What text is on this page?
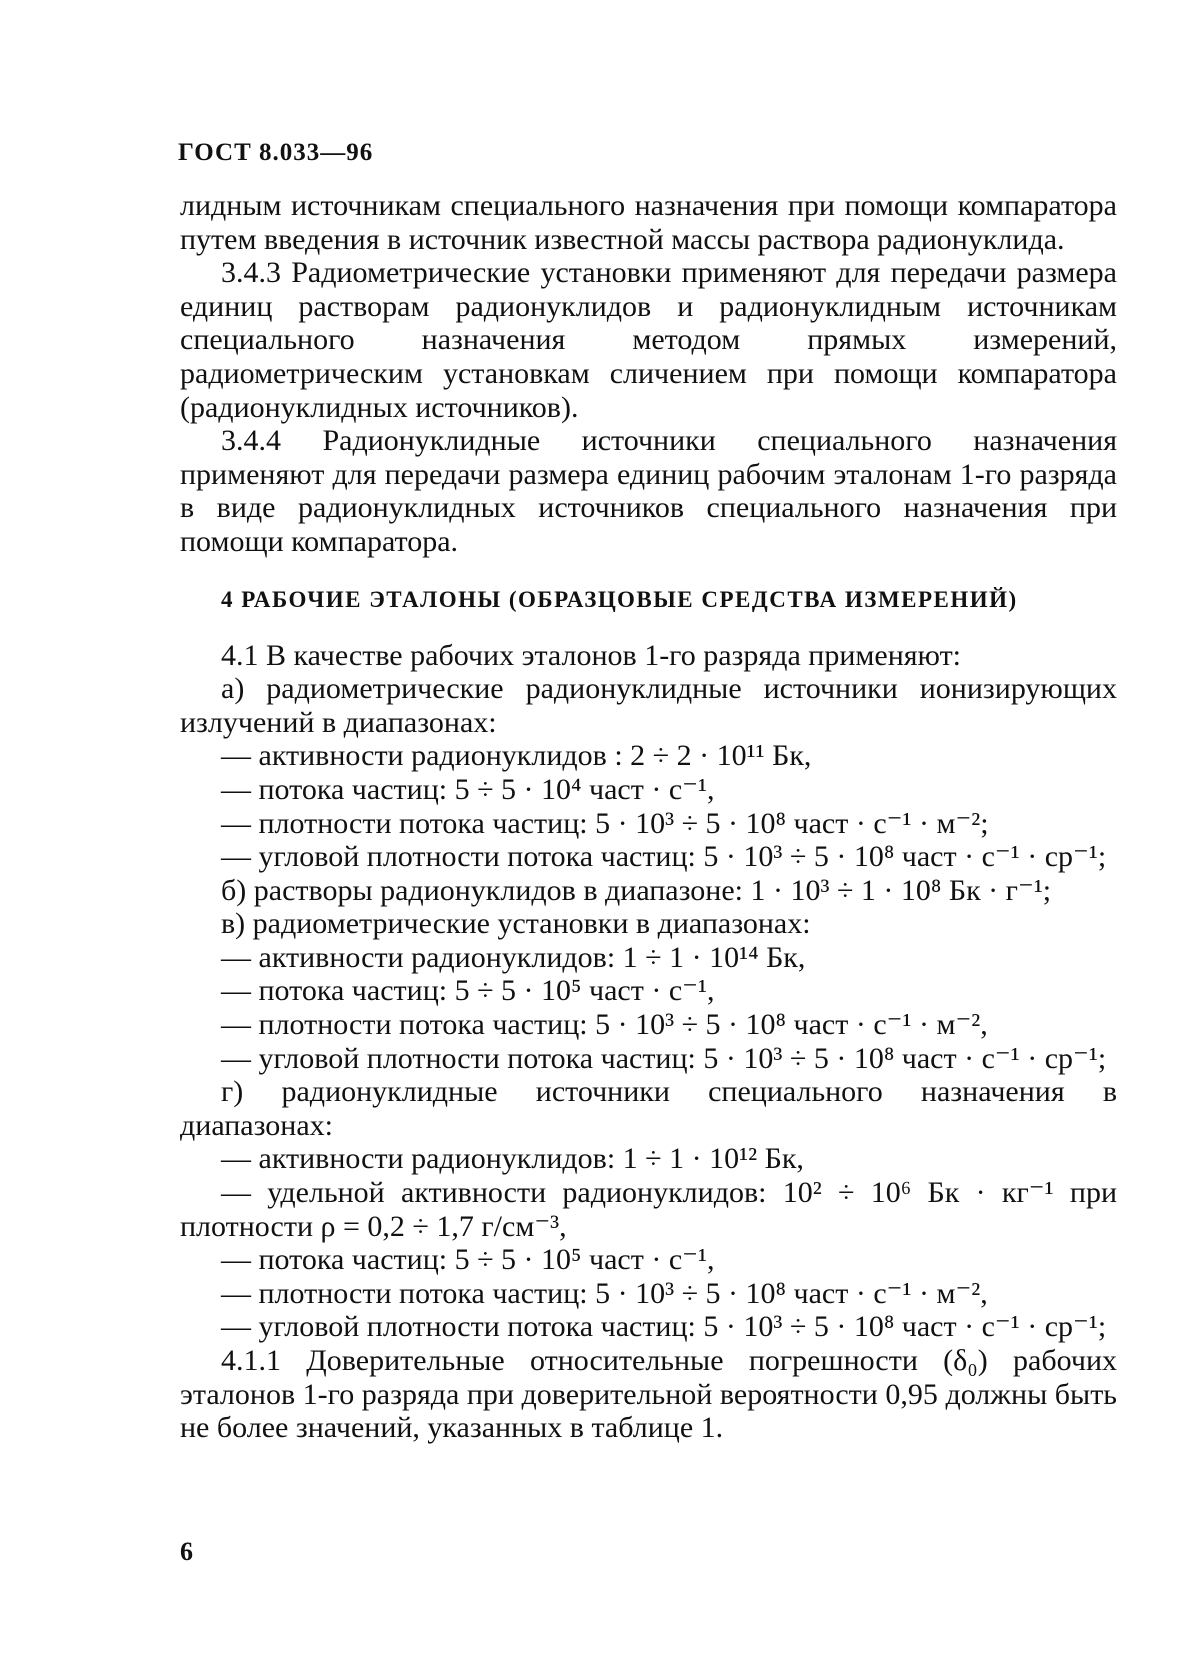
ГОСТ 8.033—96

лидным источникам специального назначения при помощи компаратора путем введения в источник известной массы раствора радионуклида.

3.4.3 Радиометрические установки применяют для передачи размера единиц растворам радионуклидов и радионуклидным источникам специального назначения методом прямых измерений, радиометрическим установкам сличением при помощи компаратора (радионуклидных источников).

3.4.4 Радионуклидные источники специального назначения применяют для передачи размера единиц рабочим эталонам 1-го разряда в виде радионуклидных источников специального назначения при помощи компаратора.

4 РАБОЧИЕ ЭТАЛОНЫ (ОБРАЗЦОВЫЕ СРЕДСТВА ИЗМЕРЕНИЙ)

4.1 В качестве рабочих эталонов 1-го разряда применяют:

а) радиометрические радионуклидные источники ионизирующих излучений в диапазонах:

— активности радионуклидов : 2 ÷ 2 · 10¹¹ Бк,

— потока частиц: 5 ÷ 5 · 10⁴ част · с⁻¹,

— плотности потока частиц: 5 · 10³ ÷ 5 · 10⁸ част · с⁻¹ · м⁻²;

— угловой плотности потока частиц: 5 · 10³ ÷ 5 · 10⁸ част · с⁻¹ · ср⁻¹;

б) растворы радионуклидов в диапазоне: 1 · 10³ ÷ 1 · 10⁸ Бк · г⁻¹;

в) радиометрические установки в диапазонах:

— активности радионуклидов: 1 ÷ 1 · 10¹⁴ Бк,

— потока частиц: 5 ÷ 5 · 10⁵ част · с⁻¹,

— плотности потока частиц: 5 · 10³ ÷ 5 · 10⁸ част · с⁻¹ · м⁻²,

— угловой плотности потока частиц: 5 · 10³ ÷ 5 · 10⁸ част · с⁻¹ · ср⁻¹;

г) радионуклидные источники специального назначения в диапазонах:

— активности радионуклидов: 1 ÷ 1 · 10¹² Бк,

— удельной активности радионуклидов: 10² ÷ 10⁶ Бк · кг⁻¹ при плотности ρ = 0,2 ÷ 1,7 г/см⁻³,

— потока частиц: 5 ÷ 5 · 10⁵ част · с⁻¹,

— плотности потока частиц: 5 · 10³ ÷ 5 · 10⁸ част · с⁻¹ · м⁻²,

— угловой плотности потока частиц: 5 · 10³ ÷ 5 · 10⁸ част · с⁻¹ · ср⁻¹;

4.1.1 Доверительные относительные погрешности (δ₀) рабочих эталонов 1-го разряда при доверительной вероятности 0,95 должны быть не более значений, указанных в таблице 1.

6
